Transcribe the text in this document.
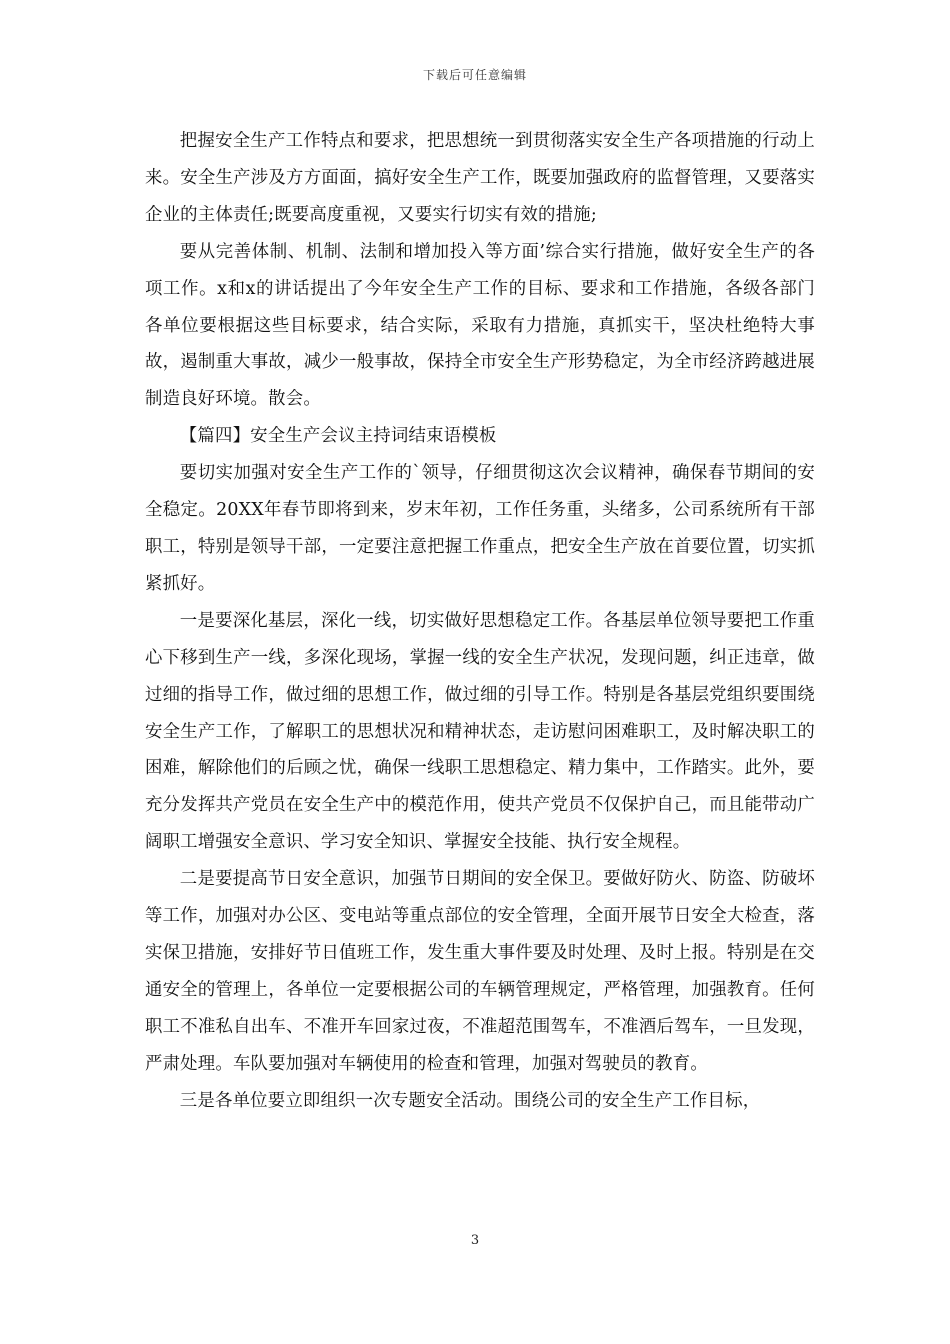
下载后可任意编辑

把握安全生产工作特点和要求，把思想统一到贯彻落实安全生产各项措施的行动上来。安全生产涉及方方面面，搞好安全生产工作，既要加强政府的监督管理，又要落实企业的主体责任;既要高度重视，又要实行切实有效的措施;

要从完善体制、机制、法制和增加投入等方面’综合实行措施，做好安全生产的各项工作。x和x的讲话提出了今年安全生产工作的目标、要求和工作措施，各级各部门各单位要根据这些目标要求，结合实际，采取有力措施，真抓实干，坚决杜绝特大事故，遏制重大事故，减少一般事故，保持全市安全生产形势稳定，为全市经济跨越进展制造良好环境。散会。

【篇四】安全生产会议主持词结束语模板

要切实加强对安全生产工作的`领导，仔细贯彻这次会议精神，确保春节期间的安全稳定。20XX年春节即将到来，岁末年初，工作任务重，头绪多，公司系统所有干部职工，特别是领导干部，一定要注意把握工作重点，把安全生产放在首要位置，切实抓紧抓好。

一是要深化基层，深化一线，切实做好思想稳定工作。各基层单位领导要把工作重心下移到生产一线，多深化现场，掌握一线的安全生产状况，发现问题，纠正违章，做过细的指导工作，做过细的思想工作，做过细的引导工作。特别是各基层党组织要围绕安全生产工作，了解职工的思想状况和精神状态，走访慰问困难职工，及时解决职工的困难，解除他们的后顾之忧，确保一线职工思想稳定、精力集中，工作踏实。此外，要充分发挥共产党员在安全生产中的模范作用，使共产党员不仅保护自己，而且能带动广阔职工增强安全意识、学习安全知识、掌握安全技能、执行安全规程。

二是要提高节日安全意识，加强节日期间的安全保卫。要做好防火、防盗、防破坏等工作，加强对办公区、变电站等重点部位的安全管理，全面开展节日安全大检查，落实保卫措施，安排好节日值班工作，发生重大事件要及时处理、及时上报。特别是在交通安全的管理上，各单位一定要根据公司的车辆管理规定，严格管理，加强教育。任何职工不准私自出车、不准开车回家过夜，不准超范围驾车，不准酒后驾车，一旦发现，严肃处理。车队要加强对车辆使用的检查和管理，加强对驾驶员的教育。

三是各单位要立即组织一次专题安全活动。围绕公司的安全生产工作目标，

3
